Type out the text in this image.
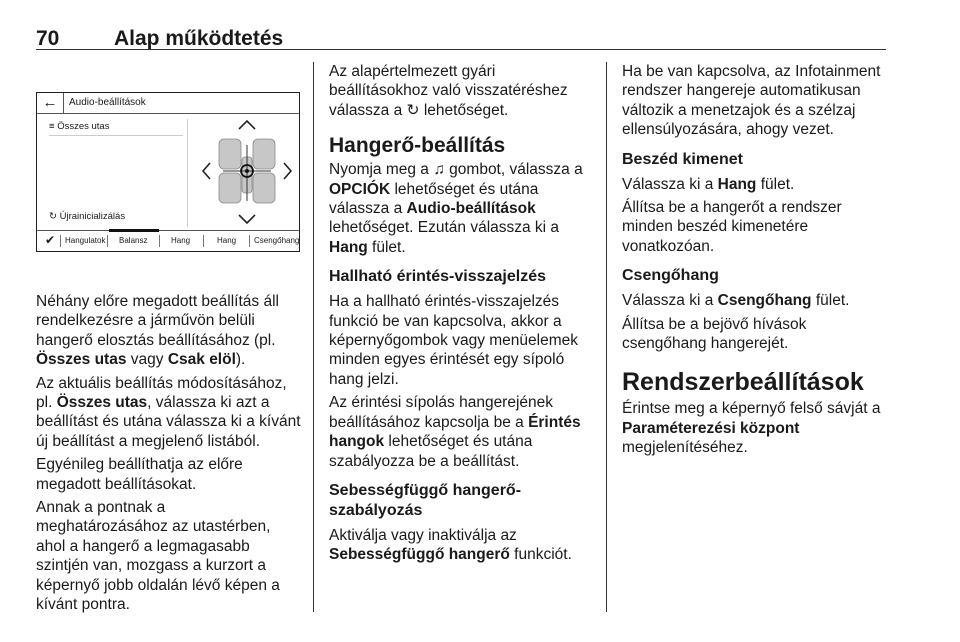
70	Alap működtetés
←	Audio-beállítások
≡ Összes utas
↻ Újrainicializálás
✔ Hangulatok Balansz	Hang	Hang Csengőhang

Néhány előre megadott beállítás áll rendelkezésre a járművön belüli hangerő elosztás beállításához (pl. Összes utas vagy Csak elöl).

Az aktuális beállítás módosításához, pl. Összes utas, válassza ki azt a beállítást és utána válassza ki a kívánt új beállítást a megjelenő listából.

Egyénileg beállíthatja az előre megadott beállításokat.

Annak a pontnak a meghatározásához az utastérben, ahol a hangerő a legmagasabb szintjén van, mozgass a kurzort a képernyő jobb oldalán lévő képen a kívánt pontra.

Az alapértelmezett gyári beállításokhoz való visszatéréshez válassza a ↻ lehetőséget.

Hangerő-beállítás

Nyomja meg a ♫ gombot, válassza a OPCIÓK lehetőséget és utána válassza a Audio-beállítások lehetőséget. Ezután válassza ki a Hang fület.

Hallható érintés-visszajelzés

Ha a hallható érintés-visszajelzés funkció be van kapcsolva, akkor a képernyőgombok vagy menüelemek minden egyes érintését egy sípoló hang jelzi.

Az érintési sípolás hangerejének beállításához kapcsolja be a Érintés hangok lehetőséget és utána szabályozza be a beállítást.

Sebességfüggő hangerő-
szabályozás

Aktiválja vagy inaktiválja az Sebességfüggő hangerő funkciót.

Ha be van kapcsolva, az Infotainment rendszer hangereje automatikusan változik a menetzajok és a szélzaj ellensúlyozására, ahogy vezet.

Beszéd kimenet

Válassza ki a Hang fület.

Állítsa be a hangerőt a rendszer minden beszéd kimenetére vonatkozóan.

Csengőhang

Válassza ki a Csengőhang fület.

Állítsa be a bejövő hívások csengőhang hangerejét.

Rendszerbeállítások

Érintse meg a képernyő felső sávját a Paraméterezési központ megjelenítéséhez.
